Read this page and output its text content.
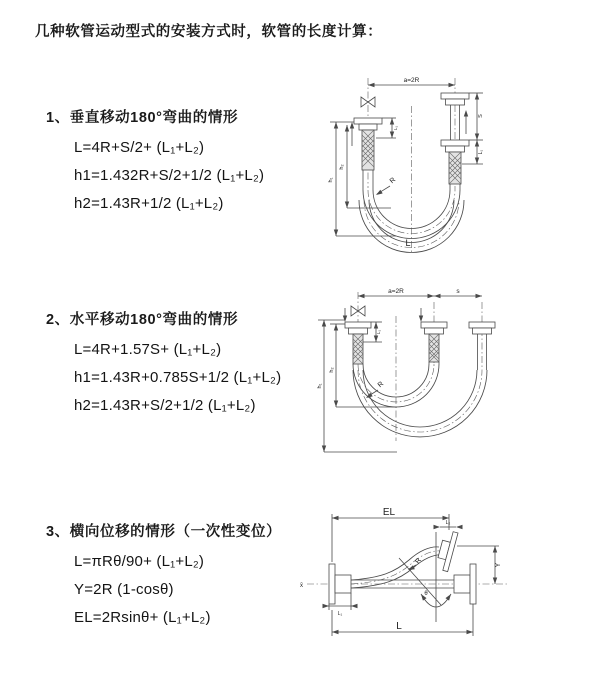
几种软管运动型式的安装方式时，软管的长度计算：
1、垂直移动180°弯曲的情形
L=4R+S/2+ (L₁+L₂)
h1=1.432R+S/2+1/2 (L₁+L₂)
h2=1.43R+1/2 (L₁+L₂)
2、水平移动180°弯曲的情形
L=4R+1.57S+ (L₁+L₂)
h1=1.43R+0.785S+1/2 (L₁+L₂)
h2=1.43R+S/2+1/2 (L₁+L₂)
3、横向位移的情形（一次性变位）
L=πRθ/90+ (L₁+L₂)
Y=2R (1-cosθ)
EL=2Rsinθ+ (L₁+L₂)
a=2R
S
L₁
h₁
h₂
L₁
R
L
a=2R	s
h₁
h₂
L₁
R
x̄
EL
L₂
Y
L
L₁
θ
R
